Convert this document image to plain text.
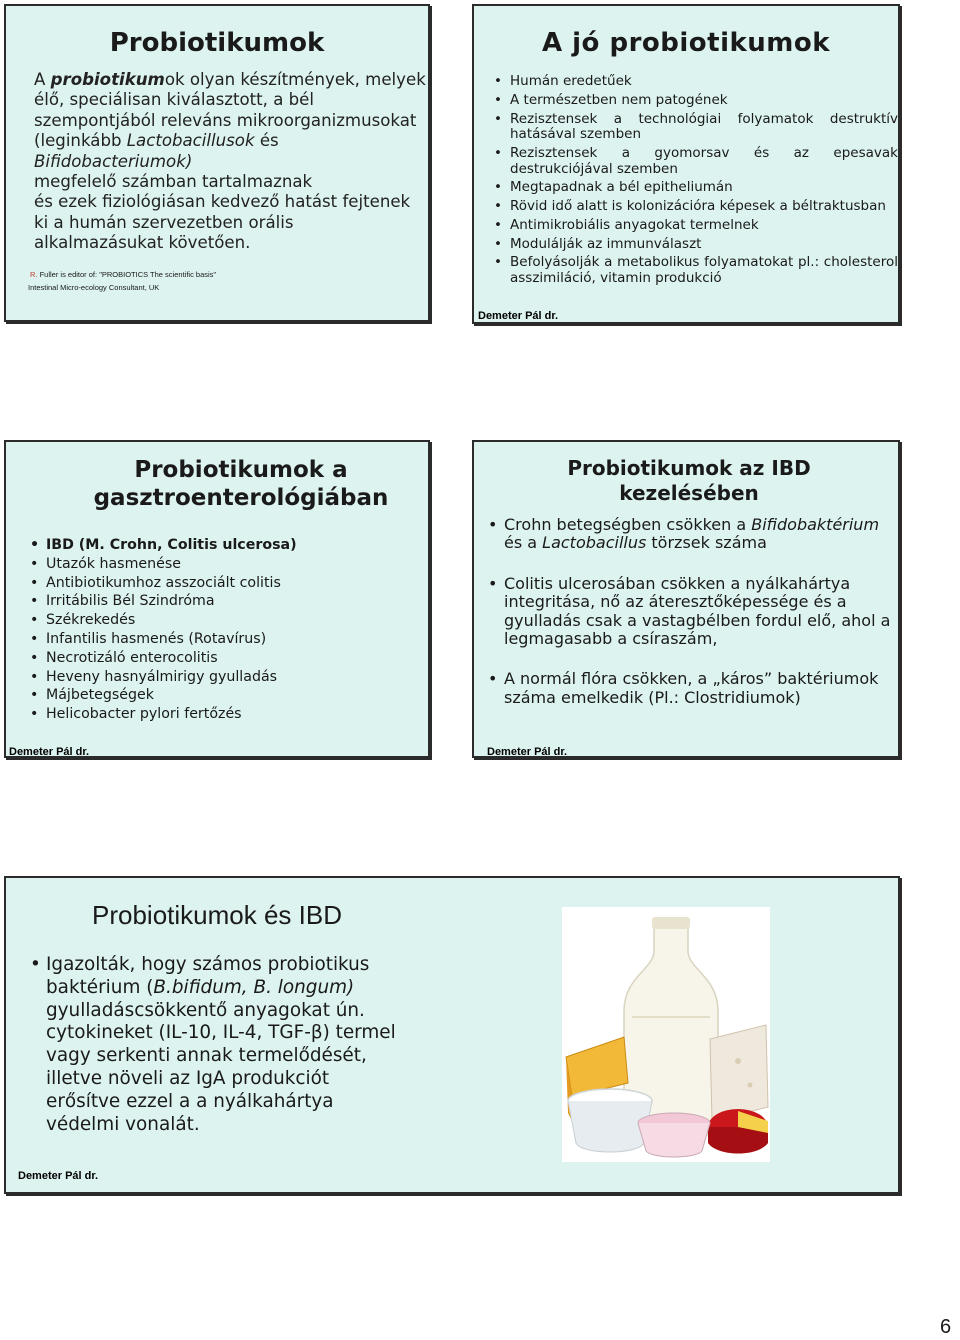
Probiotikumok
A probiotikumok olyan készítmények, melyek
élő, speciálisan kiválasztott, a bél
szempontjából releváns mikroorganizmusokat
(leginkább Lactobacillusok és
Bifidobacteriumok)
megfelelő számban tartalmaznak
és ezek fiziológiásan kedvező hatást fejtenek
ki a humán szervezetben orális
alkalmazásukat követően.
R. Fuller is editor of: "PROBIOTICS The scientific basis"
Intestinal Micro-ecology Consultant, UK
A jó probiotikumok
• Humán eredetűek
• A természetben nem patogének
• Rezisztensek a technológiai folyamatok destruktív hatásával szemben
• Rezisztensek a gyomorsav és az epesavak destrukciójával szemben
• Megtapadnak a bél epitheliumán
• Rövid idő alatt is kolonizációra képesek a béltraktusban
• Antimikrobiális anyagokat termelnek
• Modulálják az immunválaszt
• Befolyásolják a metabolikus folyamatokat pl.: cholesterol asszimiláció, vitamin produkció
Demeter Pál dr.
Probiotikumok a
gasztroenterológiában
• IBD (M. Crohn, Colitis ulcerosa)
• Utazók hasmenése
• Antibiotikumhoz asszociált colitis
• Irritábilis Bél Szindróma
• Székrekedés
• Infantilis hasmenés (Rotavírus)
• Necrotizáló enterocolitis
• Heveny hasnyálmirigy gyulladás
• Májbetegségek
• Helicobacter pylori fertőzés
Demeter Pál dr.
Probiotikumok az IBD
kezelésében
• Crohn betegségben csökken a Bifidobaktérium és a Lactobacillus törzsek száma
• Colitis ulcerosában csökken a nyálkahártya integritása, nő az áteresztőképessége és a gyulladás csak a vastagbélben fordul elő, ahol a legmagasabb a csíraszám,
• A normál flóra csökken, a „káros” baktériumok száma emelkedik (Pl.: Clostridiumok)
Demeter Pál dr.
Probiotikumok és IBD
• Igazolták, hogy számos probiotikus baktérium (B.bifidum, B. longum) gyulladáscsökkentő anyagokat ún. cytokineket (IL-10, IL-4, TGF-β) termel vagy serkenti annak termelődését, illetve növeli az IgA produkciót erősítve ezzel a a nyálkahártya védelmi vonalát.
Demeter Pál dr.
6
